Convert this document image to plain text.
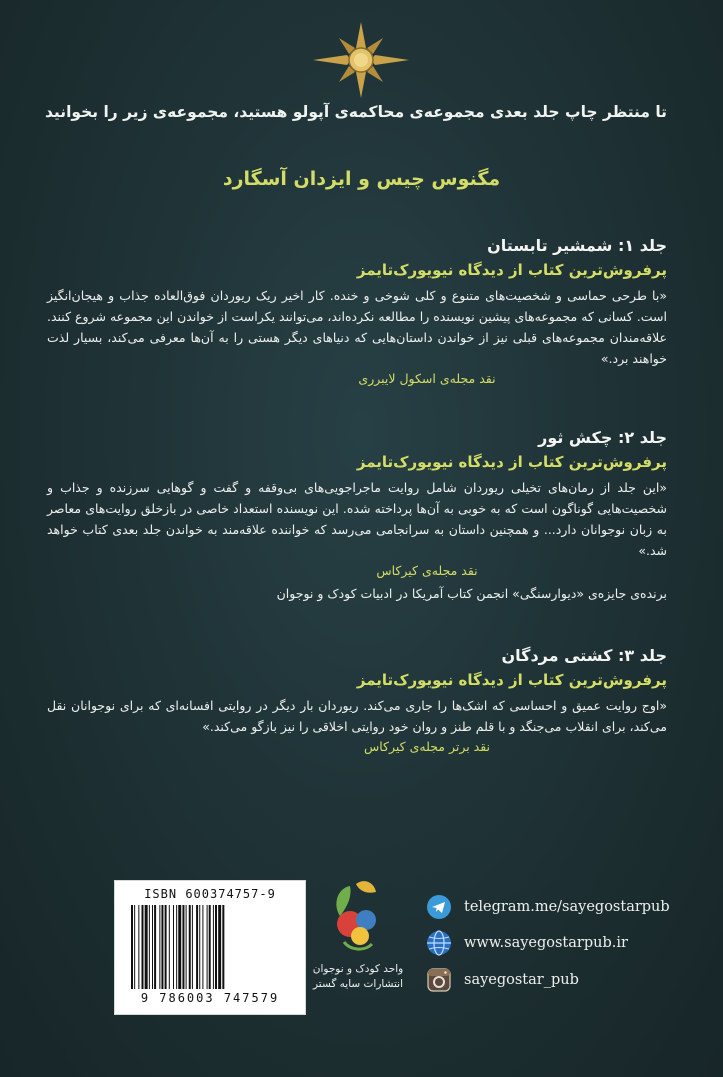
تا منتظر چاپ جلد بعدی مجموعه‌ی محاکمه‌ی آپولو هستید، مجموعه‌ی زیر را بخوانید
مگنوس چیس و ایزدان آسگارد
جلد ۱: شمشیر تابستان
پرفروش‌ترین کتاب از دیدگاه نیویورک‌تایمز
«با طرحی حماسی و شخصیت‌های متنوع و کلی شوخی و خنده. کار اخیر ریک ریوردان فوق‌العاده جذاب و هیجان‌انگیز است. کسانی که مجموعه‌های پیشین نویسنده را مطالعه نکرده‌اند، می‌توانند یکراست از خواندن این مجموعه شروع کنند. علاقه‌مندان مجموعه‌های قبلی نیز از خواندن داستان‌هایی که دنیاهای دیگر هستی را به آن‌ها معرفی می‌کند، بسیار لذت خواهند برد.»
نقد مجله‌ی اسکول لایبرری
جلد ۲: چکش ثور
پرفروش‌ترین کتاب از دیدگاه نیویورک‌تایمز
«این جلد از رمان‌های تخیلی ریوردان شامل روایت ماجراجویی‌های بی‌وقفه و گفت و گوهایی سرزنده و جذاب و شخصیت‌هایی گوناگون است که به خوبی به آن‌ها پرداخته شده. این نویسنده استعداد خاصی در بازخلق روایت‌های معاصر به زبان نوجوانان دارد... و همچنین داستان به سرانجامی می‌رسد که خواننده علاقه‌مند به خواندن جلد بعدی کتاب خواهد شد.»
نقد مجله‌ی کیرکاس
برنده‌ی جایزه‌ی «دیوارسنگی» انجمن کتاب آمریکا در ادبیات کودک و نوجوان
جلد ۳: کشتی مردگان
پرفروش‌ترین کتاب از دیدگاه نیویورک‌تایمز
«اوج روایت عمیق و احساسی که اشک‌ها را جاری می‌کند. ریوردان بار دیگر در روایتی افسانه‌ای که برای نوجوانان نقل می‌کند، برای انقلاب می‌جنگد و با قلم طنز و روان خود روایتی اخلاقی را نیز بازگو می‌کند.»
نقد برتر مجله‌ی کیرکاس
ISBN 600374757-9
9 786003 747579
واحد کودک و نوجوان
انتشارات سایه گستر
telegram.me/sayegostarpub
www.sayegostarpub.ir
sayegostar_pub
